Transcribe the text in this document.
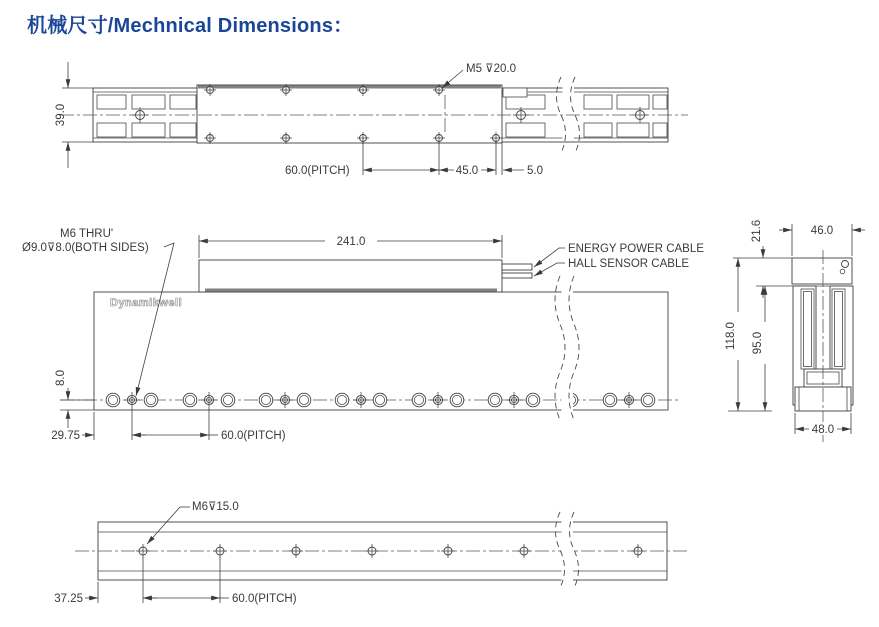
机械尺寸/Mechnical Dimensions：
M5 ⊽20.0
39.0
45.0
60.0(PITCH)	5.0
Dynamikwell
241.0
M6 THRU'
Ø9.0⊽8.0(BOTH SIDES)	ENERGY POWER CABLE
HALL SENSOR CABLE
8.0
29.75	60.0(PITCH)
46.0
21.6
118.0 95.0
48.0
M6⊽15.0
37.25	60.0(PITCH)
